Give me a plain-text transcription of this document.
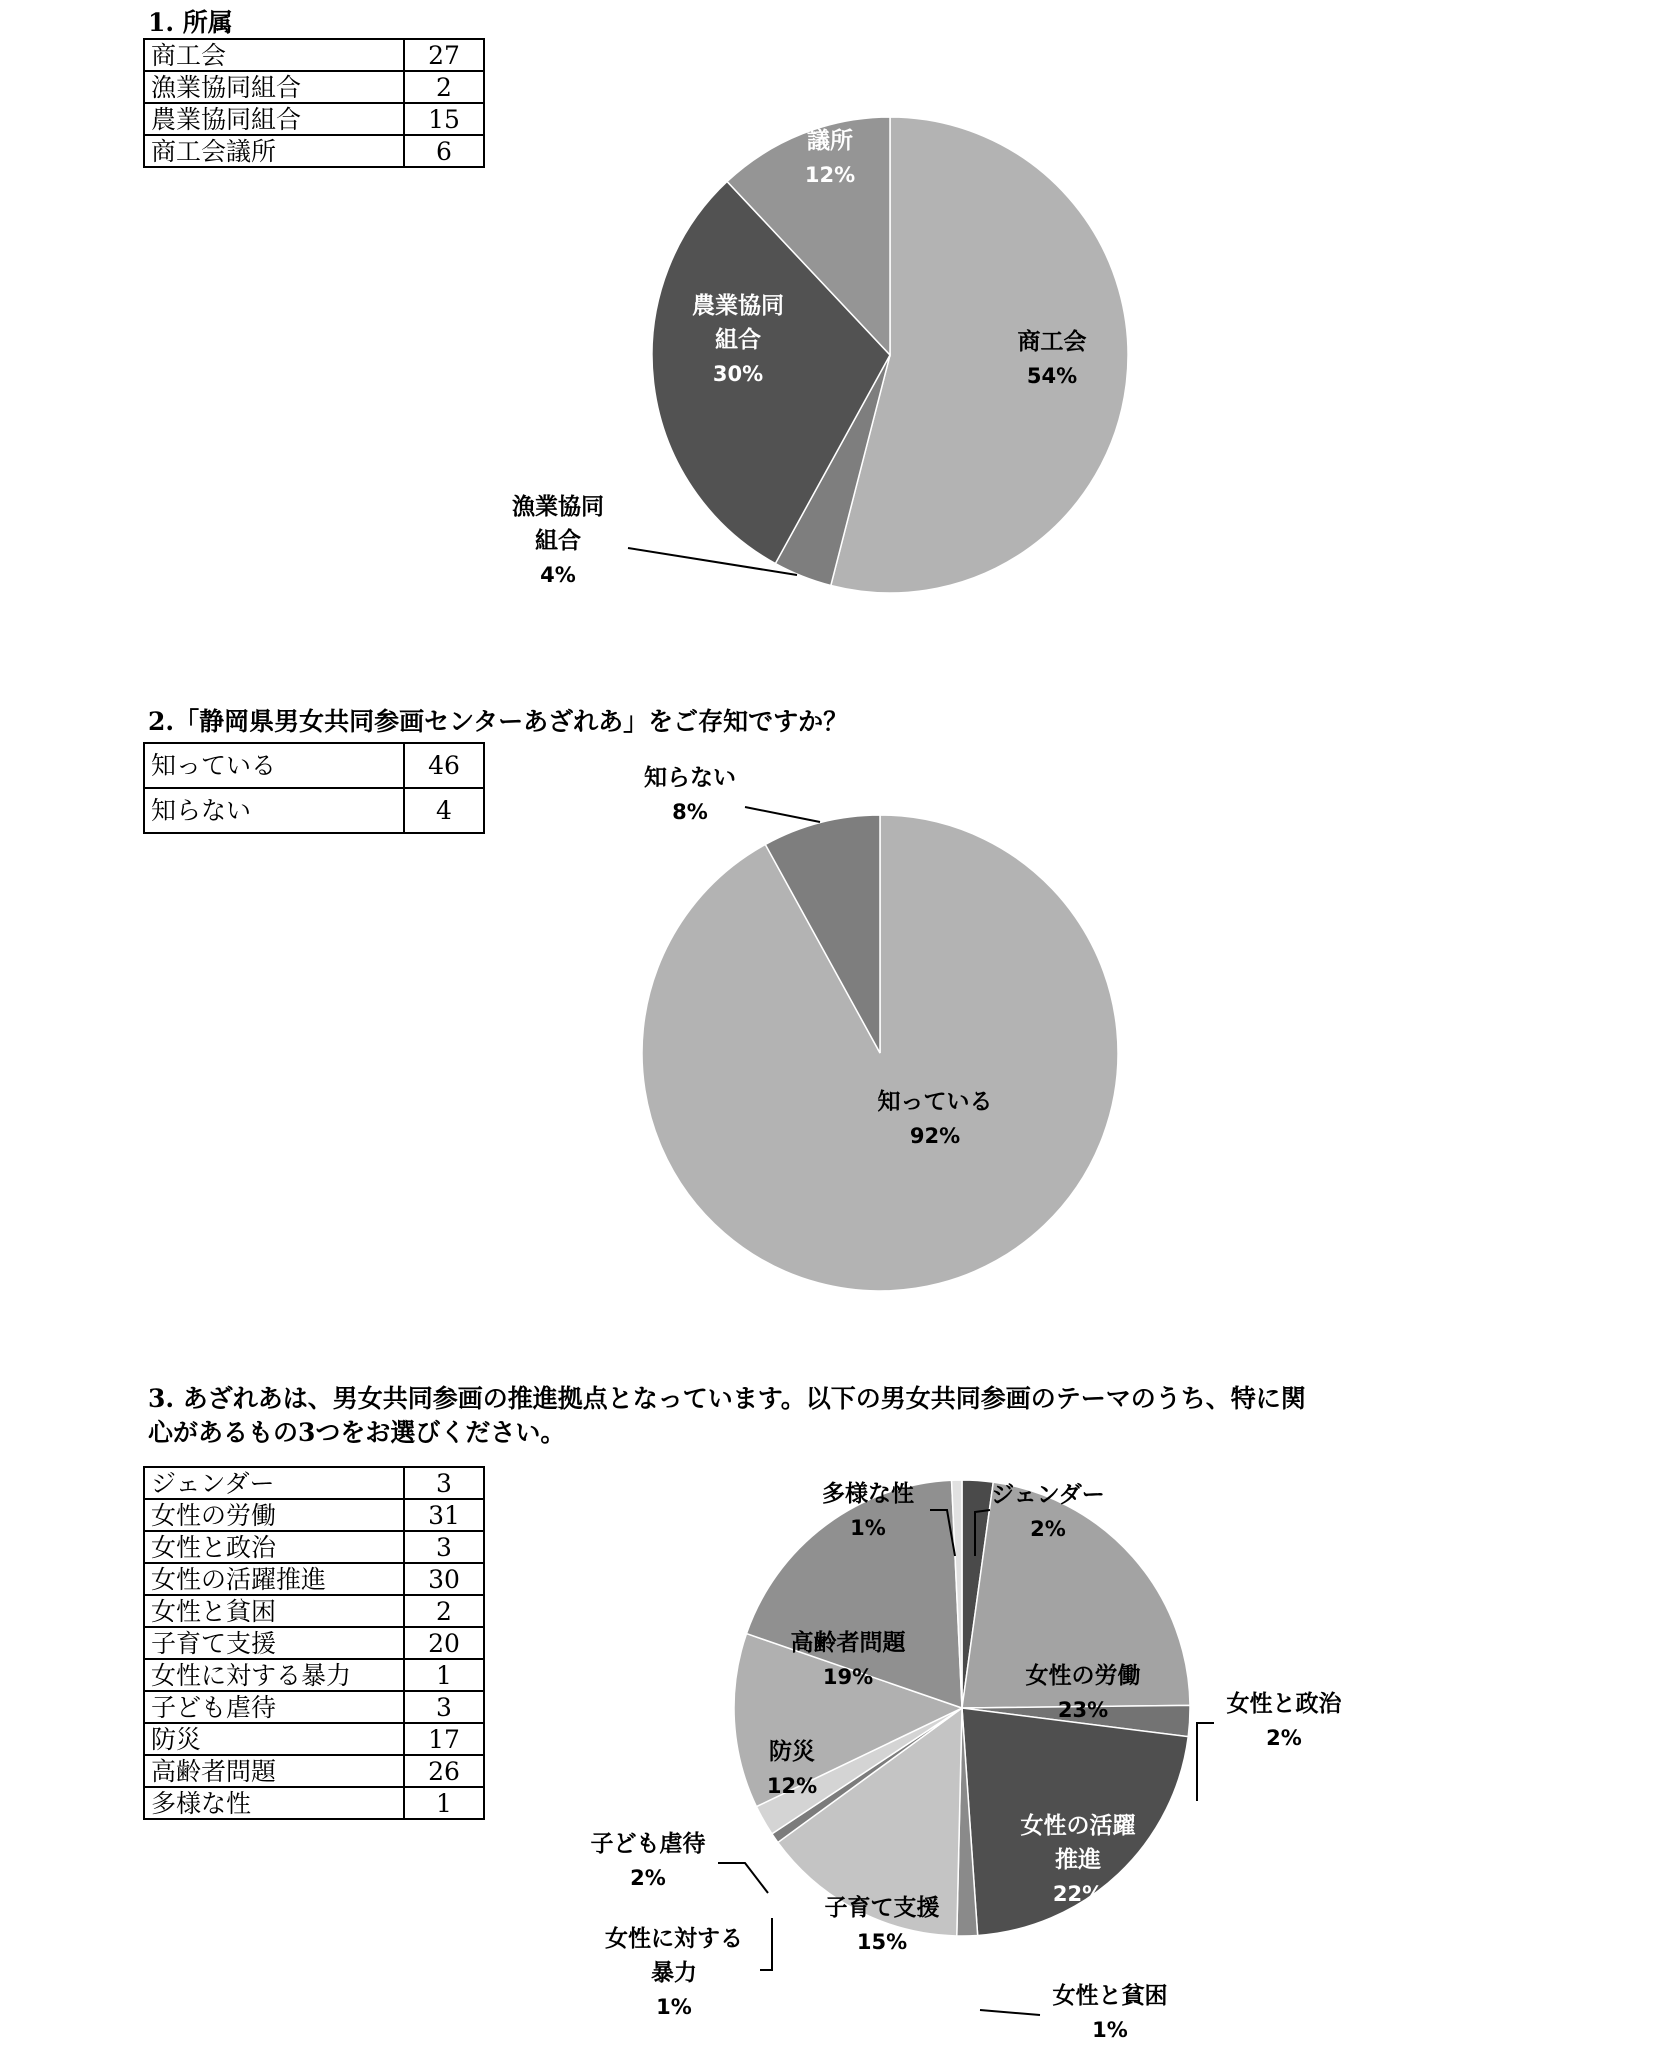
1. 所属
商工会	27
漁業協同組合	2
農業協同組合	15
商工会議所	6
2.「静岡県男女共同参画センターあざれあ」をご存知ですか？
知っている	46
知らない	4
3. あざれあは、男女共同参画の推進拠点となっています。以下の男女共同参画のテーマのうち、特に関
心があるもの3つをお選びください。
ジェンダー	3
女性の労働	31
女性と政治	3
女性の活躍推進	30
女性と貧困	2
子育て支援	20
女性に対する暴力	1
子ども虐待	3
防災	17
高齢者問題	26
多様な性	1
商工会 54%
漁業協同組合 4%
農業協同組合 30%
商工会議所 12%
知っている 92%
知らない 8%
ジェンダー 2%
女性の労働 23%	女性と政治 2%
女性の活躍推進 22%
女性と貧困 1%
子育て支援 15%
女性に対する暴力 1%
子ども虐待 2%
防災 12%
高齢者問題 19%
多様な性 1%
